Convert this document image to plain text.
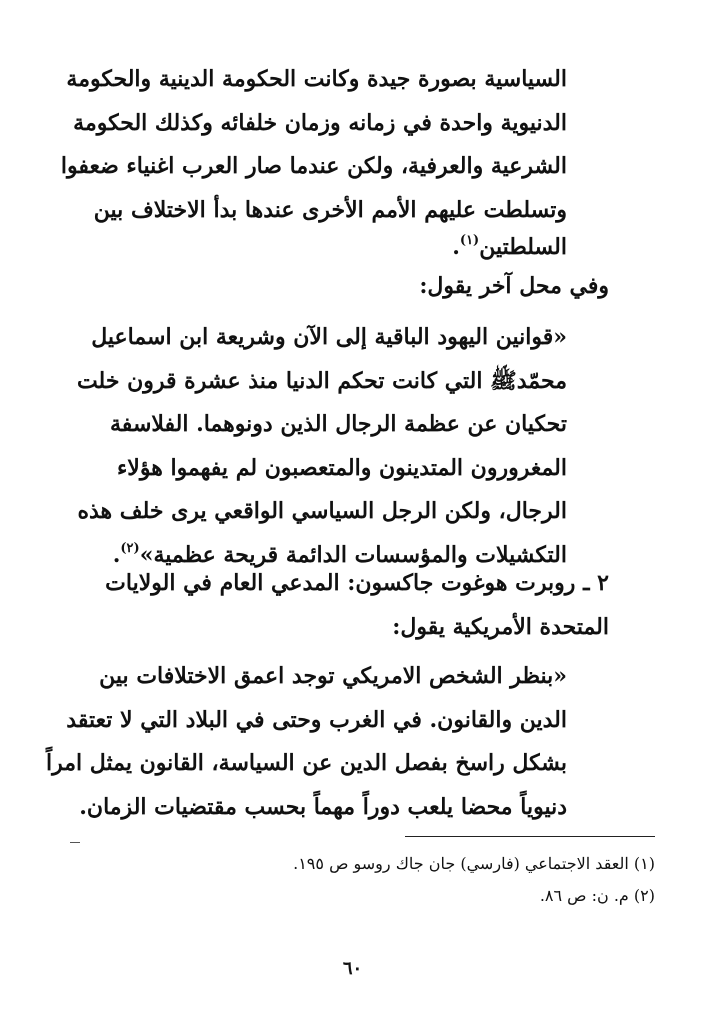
السياسية بصورة جيدة وكانت الحكومة الدينية والحكومة
الدنيوية واحدة في زمانه وزمان خلفائه وكذلك الحكومة
الشرعية والعرفية، ولكن عندما صار العرب اغنياء ضعفوا
وتسلطت عليهم الأمم الأخرى عندها بدأ الاختلاف بين

السلطتين$^{(١)}$.

وفي محل آخر يقول:

«قوانين اليهود الباقية إلى الآن وشريعة ابن اسماعيل
محمّدﷺ التي كانت تحكم الدنيا منذ عشرة قرون خلت
تحكيان عن عظمة الرجال الذين دونوهما. الفلاسفة
المغرورون المتدينون والمتعصبون لم يفهموا هؤلاء
الرجال، ولكن الرجل السياسي الواقعي يرى خلف هذه
التكشيلات والمؤسسات الدائمة قريحة عظمية»$^{(٢)}$.

٢ ـ روبرت هوغوت جاكسون: المدعي العام في الولايات
المتحدة الأمريكية يقول:

«بنظر الشخص الامريكي توجد اعمق الاختلافات بين
الدين والقانون. في الغرب وحتى في البلاد التي لا تعتقد
بشكل راسخ بفصل الدين عن السياسة، القانون يمثل امراً
دنيوياً محضا يلعب دوراً مهماً بحسب مقتضيات الزمان.

(١) العقد الاجتماعي (فارسي) جان جاك روسو ص ١٩٥.
(٢) م. ن: ص ٨٦.
٦٠
